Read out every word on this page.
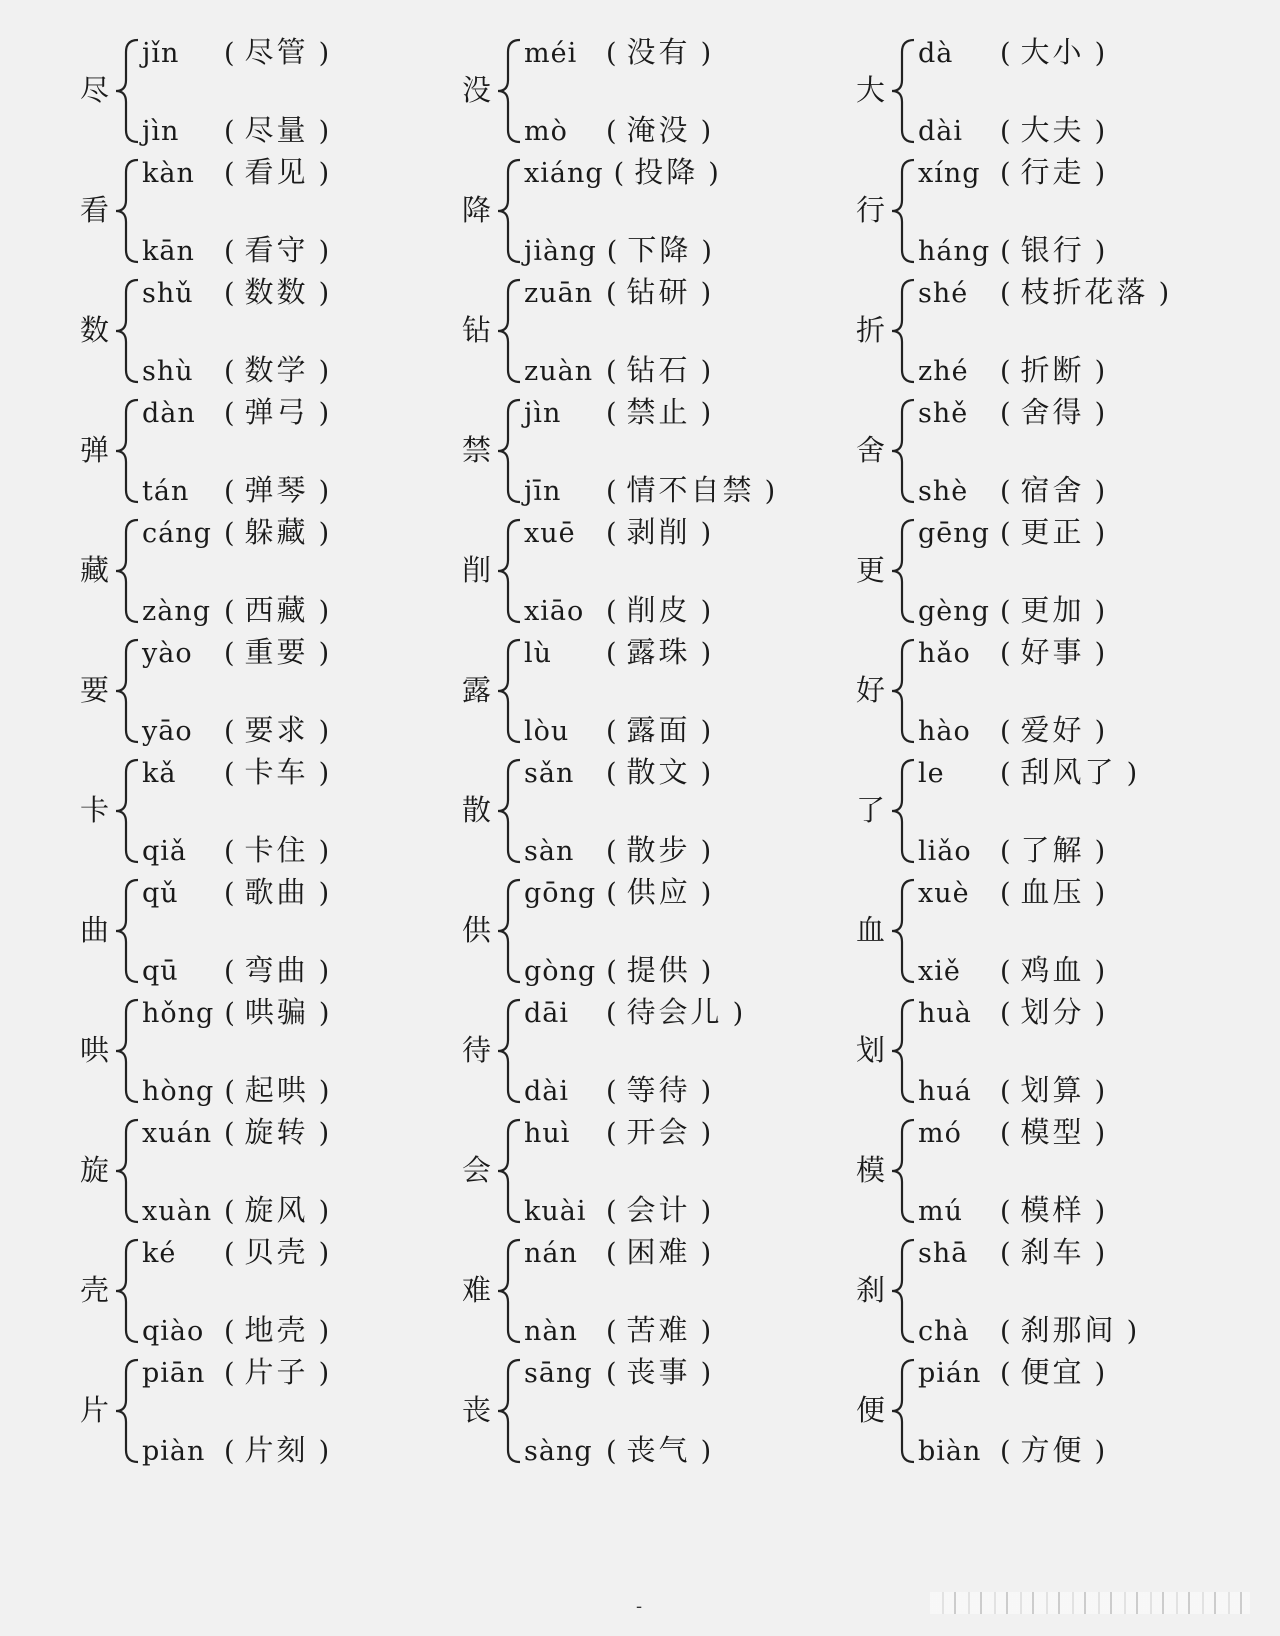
尽
jǐn ( 尽管 )
jìn ( 尽量 )
看
kàn ( 看见 )
kān ( 看守 )
数
shǔ ( 数数 )
shù ( 数学 )
弹
dàn ( 弹弓 )
tán ( 弹琴 )
藏
cáng ( 躲藏 )
zàng ( 西藏 )
要
yào ( 重要 )
yāo ( 要求 )
卡
kǎ ( 卡车 )
qiǎ ( 卡住 )
曲
qǔ ( 歌曲 )
qū ( 弯曲 )
哄
hǒng ( 哄骗 )
hòng ( 起哄 )
旋
xuán ( 旋转 )
xuàn ( 旋风 )
壳
ké ( 贝壳 )
qiào ( 地壳 )
片
piān ( 片子 )
piàn ( 片刻 )
没
méi ( 没有 )
mò ( 淹没 )
降
xiáng ( 投降 )
jiàng ( 下降 )
钻
zuān ( 钻研 )
zuàn ( 钻石 )
禁
jìn ( 禁止 )
jīn ( 情不自禁 )
削
xuē ( 剥削 )
xiāo ( 削皮 )
露
lù ( 露珠 )
lòu ( 露面 )
散
sǎn ( 散文 )
sàn ( 散步 )
供
gōng ( 供应 )
gòng ( 提供 )
待
dāi ( 待会儿 )
dài ( 等待 )
会
huì ( 开会 )
kuài ( 会计 )
难
nán ( 困难 )
nàn ( 苦难 )
丧
sāng ( 丧事 )
sàng ( 丧气 )
大
dà ( 大小 )
dài ( 大夫 )
行
xíng ( 行走 )
háng ( 银行 )
折
shé ( 枝折花落 )
zhé ( 折断 )
舍
shě ( 舍得 )
shè ( 宿舍 )
更
gēng ( 更正 )
gèng ( 更加 )
好
hǎo ( 好事 )
hào ( 爱好 )
了
le ( 刮风了 )
liǎo ( 了解 )
血
xuè ( 血压 )
xiě ( 鸡血 )
划
huà ( 划分 )
huá ( 划算 )
模
mó ( 模型 )
mú ( 模样 )
刹
shā ( 刹车 )
chà ( 刹那间 )
便
pián ( 便宜 )
biàn ( 方便 )
-
